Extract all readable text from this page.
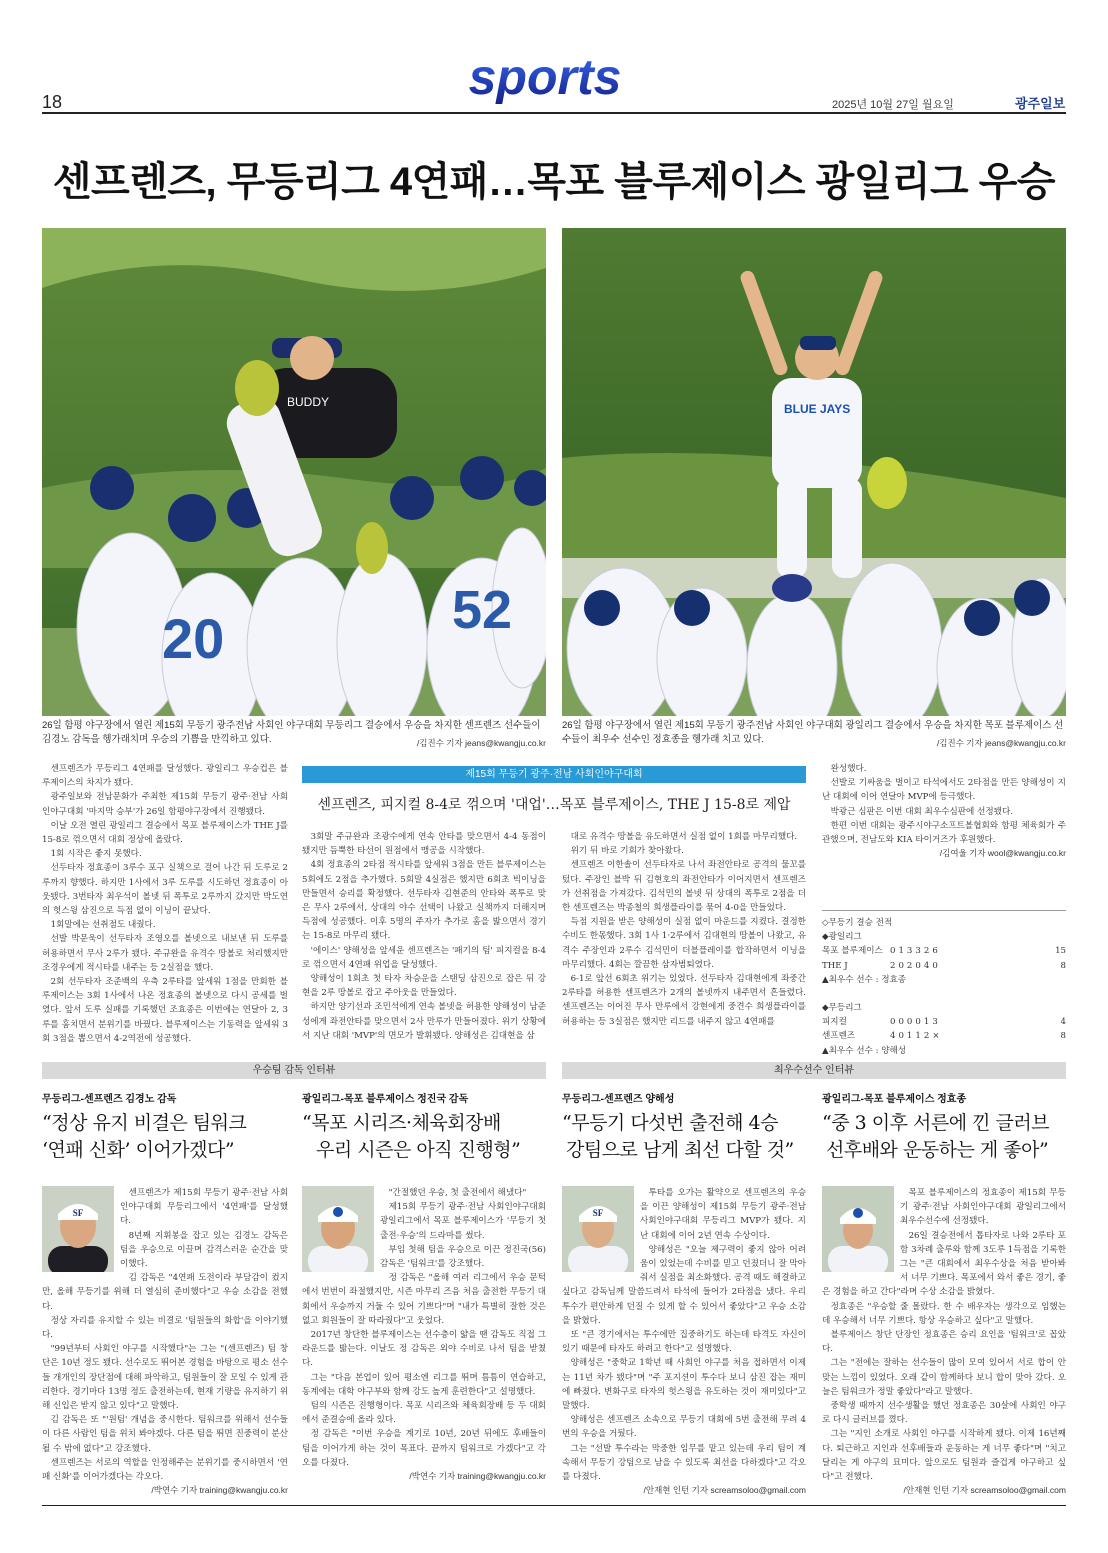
sports
18	2025년 10월 27일 월요일	광주일보
센프렌즈, 무등리그 4연패…목포 블루제이스 광일리그 우승
20	52
BUDDY
26일 함평 야구장에서 열린 제15회 무등기 광주전남 사회인 야구대회 무등리그 결승에서 우승을 차지한 센프렌즈 선수들이 김경노 감독을 헹가래치며 우승의 기쁨을 만끽하고 있다.	/김진수 기자 jeans@kwangju.co.kr
BLUE JAYS
26일 함평 야구장에서 열린 제15회 무등기 광주전남 사회인 야구대회 광일리그 결승에서 우승을 차지한 목포 블루제이스 선수들이 최우수 선수인 정효종을 헹가래 치고 있다.	/김진수 기자 jeans@kwangju.co.kr

센프렌즈가 무등리그 4연패를 달성했다. 광일리그 우승컵은 블루제이스의 차지가 됐다.

광주일보와 전남문화가 주최한 제15회 무등기 광주·전남 사회인야구대회 '마지막 승부'가 26일 함평야구장에서 진행됐다.

이날 오전 열린 광일리그 결승에서 목포 블루제이스가 THE J를 15-8로 꺾으면서 대회 정상에 올랐다.

1회 시작은 좋지 못했다.

선두타자 정효종이 3루수 포구 실책으로 걸어 나간 뒤 도루로 2루까지 향했다. 하지만 1사에서 3루 도루를 시도하던 정효종이 아웃됐다. 3번타자 최우석이 볼넷 뒤 폭투로 2루까지 갔지만 박도연의 헛스윙 삼진으로 득점 없이 이닝이 끝났다.

1회말에는 선취점도 내줬다.

선발 박문욱이 선두타자 조영오를 볼넷으로 내보낸 뒤 도루를 허용하면서 무사 2루가 됐다. 주규완을 유격수 땅볼로 처리했지만 조경우에게 적시타를 내주는 등 2실점을 했다.

2회 선두타자 조준백의 우측 2루타를 앞세워 1점을 만회한 블루제이스는 3회 1사에서 나온 정효종의 볼넷으로 다시 공세를 벌였다. 앞서 도루 실패를 기록했던 조효종은 이번에는 연달아 2, 3루를 훔치면서 분위기를 바꿨다. 블루제이스는 기동력을 앞세워 3회 3점을 뽑으면서 4-2역전에 성공했다.

제15회 무등기 광주·전남 사회인야구대회
센프렌즈, 피지컬 8-4로 꺾으며 '대업'…목포 블루제이스, THE J 15-8로 제압

3회말 주규완과 조광수에게 연속 안타를 맞으면서 4-4 동점이 됐지만 듬뿍한 타선이 원점에서 맹공을 시작했다.

4회 정효종의 2타점 적시타를 앞세워 3점을 만든 블루제이스는 5회에도 2점을 추가했다. 5회말 4실점은 했지만 6회초 빅이닝을 만들면서 승리를 확정했다. 선두타자 김현준의 안타와 폭투로 맞은 무사 2루에서, 상대의 야수 선택이 나왔고 실책까지 더해지며 득점에 성공했다. 이후 5명의 주자가 추가로 홈을 밟으면서 경기는 15-8로 마무리 됐다.

'에이스' 양해성을 앞세운 센프렌즈는 '패기의 팀' 피지컬을 8-4로 꺾으면서 4연패 위업을 달성했다.

양해성이 1회초 첫 타자 차승운을 스탠딩 삼진으로 잡은 뒤 강현을 2루 땅볼로 잡고 주아웃을 만들었다.

하지만 양기선과 조민석에게 연속 볼넷을 허용한 양해성이 남준성에게 좌전안타를 맞으면서 2사 만루가 만들어졌다. 위기 상황에서 지난 대회 'MVP'의 면모가 발휘됐다. 양해성은 김대현을 삼

대로 유격수 땅볼을 유도하면서 실점 없이 1회를 마무리했다.

위기 뒤 바로 기회가 찾아왔다.

센프렌즈 이한솔이 선두타자로 나서 좌전안타로 공격의 물꼬를 텄다. 주장인 블박 뒤 김현호의 좌전안타가 이어지면서 센프렌즈가 선취점을 가져갔다. 김석민의 볼넷 뒤 상대의 폭투로 2점을 더한 센프렌즈는 박종철의 희생플라이를 묶어 4-0을 만들었다.

득점 지원을 받은 양해성이 실점 없이 마운드를 지켰다. 결정한 수비도 한몫했다. 3회 1사 1·2루에서 김대현의 땅볼이 나왔고, 유격수 주장인과 2루수 김석민이 더블플레이를 합작하면서 이닝을 마무리했다. 4회는 깔끔한 삼자범퇴였다.

6-1로 앞선 6회초 위기는 있었다. 선두타자 김대현에게 좌중간 2루타를 허용한 센프렌즈가 2개의 볼넷까지 내주면서 흔들렸다. 센프렌즈는 이어진 무사 만루에서 강현에게 중견수 희생플라이를 허용하는 등 3실점은 했지만 리드를 내주지 않고 4연패를

완성했다.

선발로 기싸움을 벌이고 타석에서도 2타점을 만든 양해성이 지난 대회에 이어 연달아 MVP에 등극했다.

박광근 심판은 이번 대회 최우수심판에 선정됐다.

한편 이번 대회는 광주시야구소프트볼협회와 함평 체육회가 주관했으며, 전남도와 KIA 타이거즈가 후원했다.

/김여울 기자 wool@kwangju.co.kr
◇무등기 결승 전적
◆광일리그
목포 블루제이스 013326	15
THE J	202040	8
▲최우수 선수 : 정효종
◆무등리그
피지컬	000013	4
센프렌즈	40112×	8
▲최우수 선수 : 양해성
우승팀 감독 인터뷰	최우수선수 인터뷰
무등리그-센프렌즈 김경노 감독
“정상 유지 비결은 팀워크
‘연패 신화’ 이어가겠다”
SF

센프렌즈가 제15회 무등기 광주·전남 사회인야구대회 무등리그에서 '4연패'를 달성했다.

8년째 지휘봉을 잡고 있는 김경노 감독은 팀을 우승으로 이끌며 감격스러운 순간을 맞이했다.

김 감독은 "4연패 도전이라 부담감이 컸지만, 올해 무등기를 위해 더 열심히 준비했다"고 우승 소감을 전했다.

정상 자리를 유지할 수 있는 비결로 '팀원들의 화합'을 이야기했다.

"99년부터 사회인 야구를 시작했다"는 그는 "(센프렌즈) 팀 창단은 10년 정도 됐다. 선수로도 뛰어본 경험을 바탕으로 평소 선수들 개개인의 장단점에 대해 파악하고, 팀원들이 잘 모일 수 있게 관리한다. 경기마다 13명 정도 출전하는데, 현재 기량을 유지하기 위해 신입은 받지 않고 있다"고 말했다.

김 감독은 또 "'원팀' 개념을 중시한다. 팀워크를 위해서 선수들이 다른 사람인 팀을 위치 봐야겠다. 다른 팀을 뛰면 진중력이 분산 될 수 밖에 없다"고 강조했다.

센프렌즈는 서로의 역할을 인정해주는 분위기를 중시하면서 '연패 신화'를 이어가겠다는 각오다.

/박연수 기자 training@kwangju.co.kr
광일리그-목포 블루제이스 정진국 감독
“목포 시리즈·체육회장배
우리 시즌은 아직 진행형”

"간절했던 우승, 첫 출전에서 해냈다"

제15회 무등기 광주·전남 사회인야구대회 광일리그에서 목포 블루제이스가 '무등기 첫 출전·우승'의 드라마를 썼다.

부임 첫해 팀을 우승으로 이끈 정진국(56) 감독은 '팀워크'를 강조했다.

정 감독은 "올해 여러 리그에서 우승 문턱에서 번번이 좌절했지만, 시즌 마무리 즈음 처음 출전한 무등기 대회에서 우승까지 거둘 수 있어 기쁘다"며 "내가 특별히 잘한 것은 없고 회원들이 잘 따라줬다"고 웃었다.

2017년 창단한 블루제이스는 선수층이 얇을 땐 감독도 직접 그라운드를 밟는다. 이날도 정 감독은 외야 수비로 나서 팀을 받쳤다.

그는 "다음 본업이 있어 평소엔 리그를 뛰며 틈틈이 연습하고, 동계에는 대학 야구부와 함께 강도 높게 훈련한다"고 설명했다.

팀의 시즌은 진행형이다. 목포 시리즈와 체육회장배 등 두 대회에서 준결승에 올라 있다.

정 감독은 "이번 우승을 계기로 10년, 20년 뒤에도 후배들이 팀을 이어가게 하는 것이 목표다. 끝까지 팀워크로 가겠다"고 각오를 다졌다.

/박연수 기자 training@kwangju.co.kr
무등리그-센프렌즈 양해성
“무등기 다섯번 출전해 4승
강팀으로 남게 최선 다할 것”
SF

투타를 오가는 활약으로 센프렌즈의 우승을 이끈 양해성이 제15회 무등기 광주·전남 사회인야구대회 무등리그 MVP가 됐다. 지난 대회에 이어 2년 연속 수상이다.

양해성은 "오늘 제구력이 좋지 않아 어려움이 있었는데 수비를 믿고 던졌더니 잘 막아줘서 실점을 최소화했다. 공격 때도 해결하고 싶다고 감독님께 말씀드려서 타석에 들어가 2타점을 냈다. 우리 투수가 편안하게 던질 수 있게 할 수 있어서 좋았다"고 우승 소감을 밝혔다.

또 "큰 경기에서는 투수에만 집중하기도 하는데 타격도 자신이 있기 때문에 타자도 하려고 한다"고 설명했다.

양해성은 "중학교 1학년 때 사회인 야구를 처음 접하면서 이제는 11년 차가 됐다"며 "주 포지션이 투수다 보니 삼진 잡는 재미에 빠졌다. 변화구로 타자의 헛스윙을 유도하는 것이 재미있다"고 말했다.

양해성은 센프렌즈 소속으로 무등기 대회에 5번 출전해 무려 4번의 우승을 거뒀다.

그는 "선발 투수라는 막중한 임무를 맡고 있는데 우리 팀이 계속해서 무등기 강팀으로 남을 수 있도록 최선을 다하겠다"고 각오를 다졌다.

/안재현 인턴 기자 screamsoloo@gmail.com
광일리그-목포 블루제이스 정효종
“중 3 이후 서른에 낀 글러브
선후배와 운동하는 게 좋아”

목포 블루제이스의 정효종이 제15회 무등기 광주·전남 사회인야구대회 광일리그에서 최우수선수에 선정됐다.

26일 결승전에서 톱타자로 나와 2루타 포함 3차례 출루와 함께 3도루 1득점을 기록한 그는 "큰 대회에서 최우수상을 처음 받아봐서 너무 기쁘다. 목포에서 와서 좋은 경기, 좋은 경험을 하고 간다"라며 수상 소감을 밝혔다.

정효종은 "우승할 줄 몰랐다. 한 수 배우자는 생각으로 임했는데 우승해서 너무 기쁘다. 항상 우승하고 싶다"고 말했다.

블루제이스 창단 단장인 정효종은 승리 요인을 '팀워크'로 꼽았다.

그는 "전에는 잘하는 선수들이 많이 모여 있어서 서로 합이 안 맞는 느낌이 있었다. 오래 같이 함께하다 보니 합이 맞아 갔다. 오늘은 팀워크가 정말 좋았다"라고 말했다.

중학생 때까지 선수생활을 했던 정효종은 30살에 사회인 야구로 다시 글러브를 꼈다.

그는 "지인 소개로 사회인 야구를 시작하게 됐다. 이제 16년째다. 퇴근하고 지인과 선후배들과 운동하는 게 너무 좋다"며 "치고 달리는 게 야구의 묘미다. 앞으로도 팀원과 즐겁게 야구하고 싶다"고 전했다.

/안재현 인턴 기자 screamsoloo@gmail.com
